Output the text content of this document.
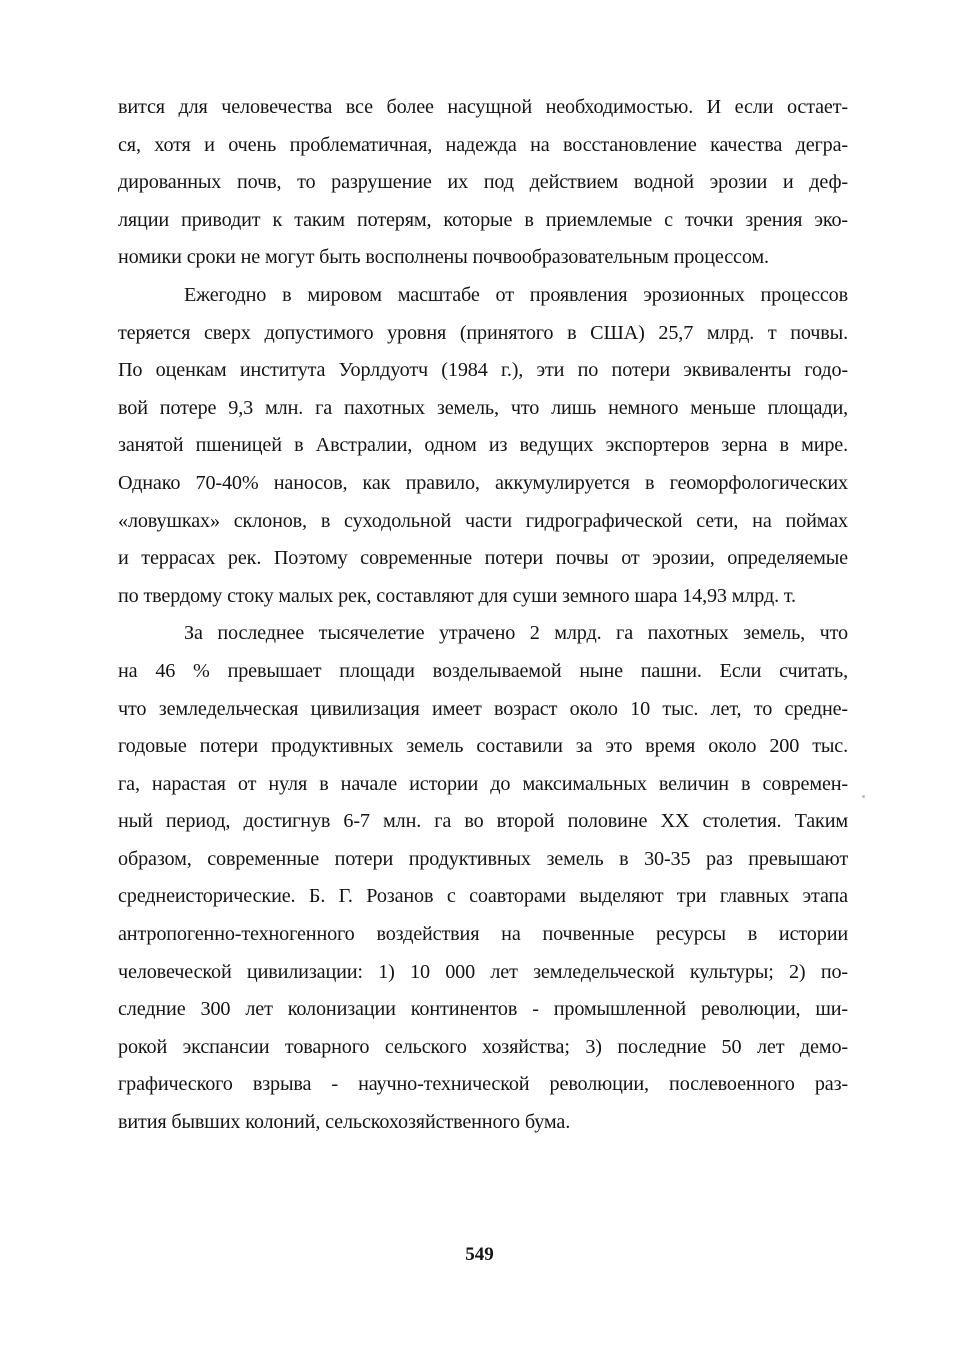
вится для человечества все более насущной необходимостью. И если остает-
ся, хотя и очень проблематичная, надежда на восстановление качества дегра-
дированных почв, то разрушение их под действием водной эрозии и деф-
ляции приводит к таким потерям, которые в приемлемые с точки зрения эко-
номики сроки не могут быть восполнены почвообразовательным процессом.
Ежегодно в мировом масштабе от проявления эрозионных процессов
теряется сверх допустимого уровня (принятого в США) 25,7 млрд. т почвы.
По оценкам института Уорлдуотч (1984 г.), эти по потери эквиваленты годо-
вой потере 9,3 млн. га пахотных земель, что лишь немного меньше площади,
занятой пшеницей в Австралии, одном из ведущих экспортеров зерна в мире.
Однако 70-40% наносов, как правило, аккумулируется в геоморфологических
«ловушках» склонов, в суходольной части гидрографической сети, на поймах
и террасах рек. Поэтому современные потери почвы от эрозии, определяемые
по твердому стоку малых рек, составляют для суши земного шара 14,93 млрд. т.
За последнее тысячелетие утрачено 2 млрд. га пахотных земель, что
на 46 % превышает площади возделываемой ныне пашни. Если считать,
что земледельческая цивилизация имеет возраст около 10 тыс. лет, то средне-
годовые потери продуктивных земель составили за это время около 200 тыс.
га, нарастая от нуля в начале истории до максимальных величин в современ-
ный период, достигнув 6-7 млн. га во второй половине XX столетия. Таким
образом, современные потери продуктивных земель в 30-35 раз превышают
среднеисторические. Б. Г. Розанов с соавторами выделяют три главных этапа
антропогенно-техногенного воздействия на почвенные ресурсы в истории
человеческой цивилизации: 1) 10 000 лет земледельческой культуры; 2) по-
следние 300 лет колонизации континентов - промышленной революции, ши-
рокой экспансии товарного сельского хозяйства; 3) последние 50 лет демо-
графического взрыва - научно-технической революции, послевоенного раз-
вития бывших колоний, сельскохозяйственного бума.
549
